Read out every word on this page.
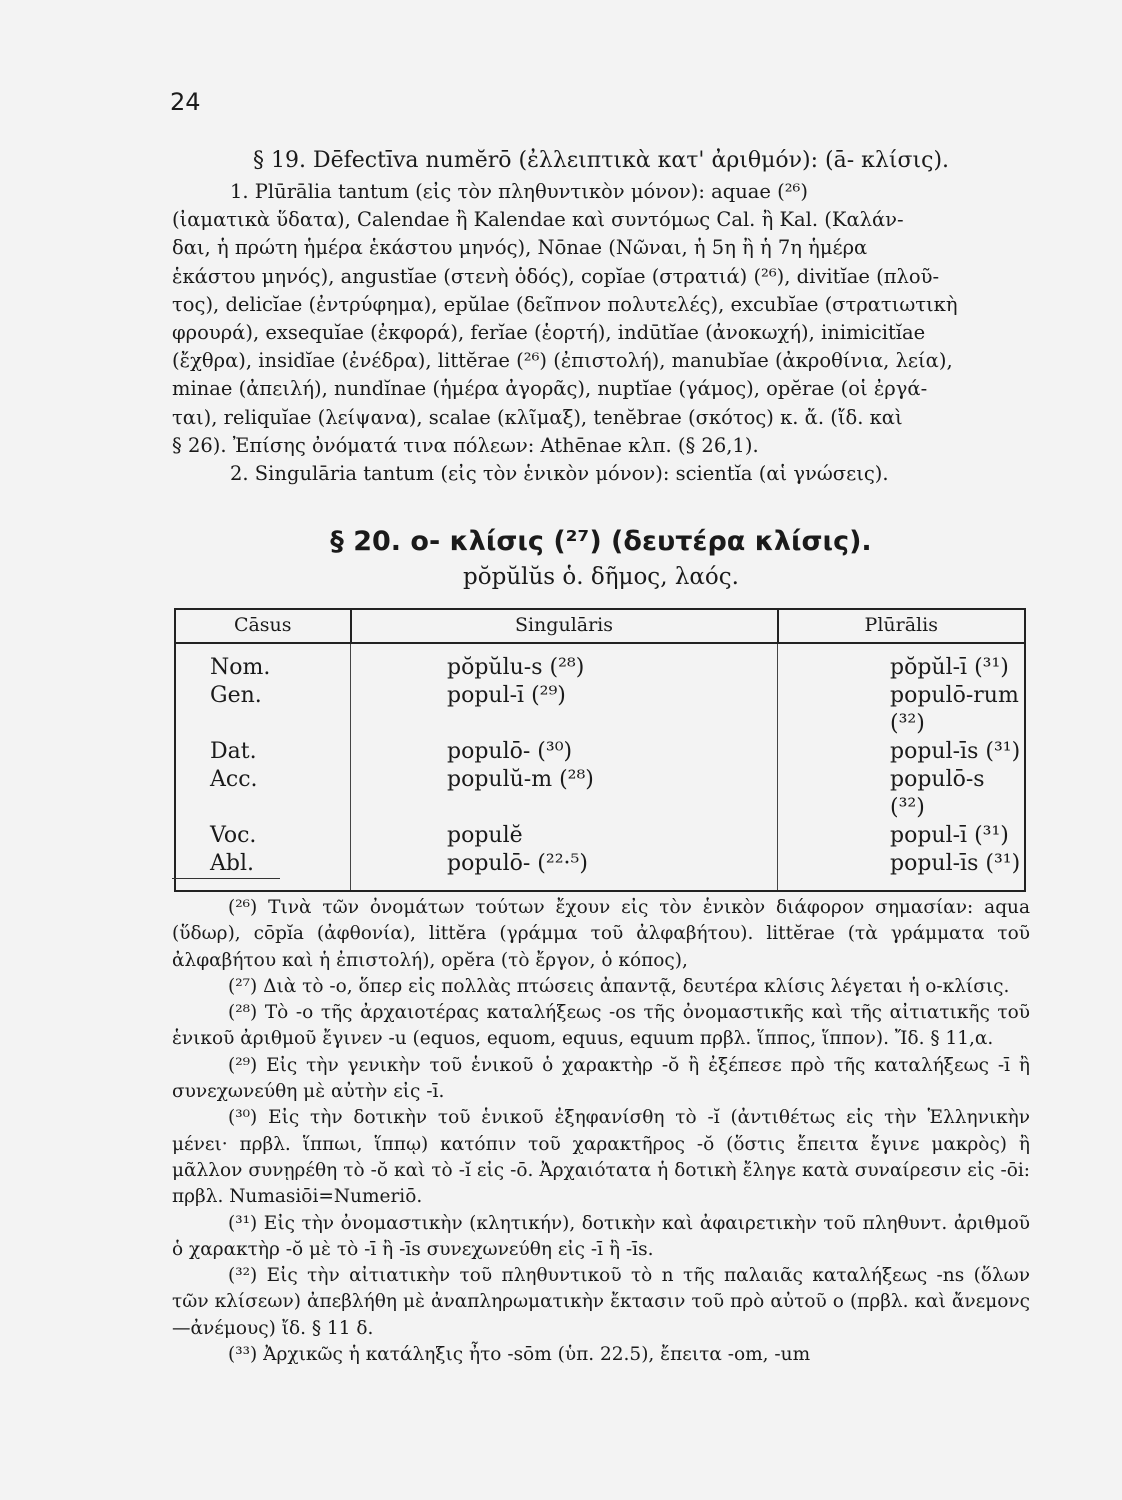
24

§ 19. Dēfectīva numĕrō (ἐλλειπτικὰ κατ' ἀριθμόν): (ā- κλίσις).

1. Plūrālia tantum (εἰς τὸν πληθυντικὸν μόνον): aquae (²⁶)

(ἰαματικὰ ὕδατα), Calendae ἢ Kalendae καὶ συντόμως Cal. ἢ Kal. (Καλάν-

δαι, ἡ πρώτη ἡμέρα ἑκάστου μηνός), Nōnae (Νῶναι, ἡ 5η ἢ ἡ 7η ἡμέρα

ἑκάστου μηνός), angustĭae (στενὴ ὁδός), copĭae (στρατιά) (²⁶), divitĭae (πλοῦ-

τος), delicĭae (ἐντρύφημα), epŭlae (δεῖπνον πολυτελές), excubĭae (στρατιωτικὴ

φρουρά), exsequĭae (ἐκφορά), ferĭae (ἑορτή), indūtĭae (ἀνοκωχή), inimicitĭae

(ἔχθρα), insidĭae (ἐνέδρα), littĕrae (²⁶) (ἐπιστολή), manubĭae (ἀκροθίνια, λεία),

minae (ἀπειλή), nundĭnae (ἡμέρα ἀγορᾶς), nuptĭae (γάμος), opĕrae (οἱ ἐργά-

ται), reliquĭae (λείψανα), scalae (κλῖμαξ), tenĕbrae (σκότος) κ. ἄ. (ἴδ. καὶ

§ 26). Ἐπίσης ὀνόματά τινα πόλεων: Athēnae κλπ. (§ 26,1).

2. Singulāria tantum (εἰς τὸν ἑνικὸν μόνον): scientĭa (αἱ γνώσεις).

§ 20. o- κλίσις (²⁷) (δευτέρα κλίσις).

pŏpŭlŭs ὁ. δῆμος, λαός.

Cāsus	Singulāris	Plūrālis
Nom.	pŏpŭlu-s (²⁸)	pŏpŭl-ī (³¹)
Gen.	popul-ī (²⁹)	populō-rum (³²)
Dat.	populō- (³⁰)	popul-īs (³¹)
Acc.	populŭ-m (²⁸)	populō-s (³²)
Voc.	populĕ	popul-ī (³¹)
Abl.	populō- (²²·⁵)	popul-īs (³¹)

(²⁶) Τινὰ τῶν ὀνομάτων τούτων ἔχουν εἰς τὸν ἑνικὸν διάφορον σημασίαν: aqua (ὕδωρ), cōpĭa (ἀφθονία), littĕra (γράμμα τοῦ ἀλφαβήτου). littĕrae (τὰ γράμματα τοῦ ἀλφαβήτου καὶ ἡ ἐπιστολή), opĕra (τὸ ἔργον, ὁ κόπος),

(²⁷) Διὰ τὸ -o, ὅπερ εἰς πολλὰς πτώσεις ἀπαντᾷ, δευτέρα κλίσις λέγεται ἡ o-κλίσις.

(²⁸) Τὸ -o τῆς ἀρχαιοτέρας καταλήξεως -os τῆς ὀνομαστικῆς καὶ τῆς αἰτιατικῆς τοῦ ἑνικοῦ ἀριθμοῦ ἔγινεν -u (equos, equom, equus, equum πρβλ. ἵππος, ἵππον). Ἴδ. § 11,α.

(²⁹) Εἰς τὴν γενικὴν τοῦ ἑνικοῦ ὁ χαρακτὴρ -ŏ ἢ ἐξέπεσε πρὸ τῆς καταλήξεως -ī ἢ συνεχωνεύθη μὲ αὐτὴν εἰς -ī.

(³⁰) Εἰς τὴν δοτικὴν τοῦ ἑνικοῦ ἐξηφανίσθη τὸ -ĭ (ἀντιθέτως εἰς τὴν Ἑλληνικὴν μένει· πρβλ. ἵππωι, ἵππῳ) κατόπιν τοῦ χαρακτῆρος -ŏ (ὅστις ἔπειτα ἔγινε μακρὸς) ἢ μᾶλλον συνῃρέθη τὸ -ŏ καὶ τὸ -ĭ εἰς -ō. Ἀρχαιότατα ἡ δοτικὴ ἔληγε κατὰ συναίρεσιν εἰς -ōi: πρβλ. Numasiōi=Numeriō.

(³¹) Εἰς τὴν ὀνομαστικὴν (κλητικήν), δοτικὴν καὶ ἀφαιρετικὴν τοῦ πληθυντ. ἀριθμοῦ ὁ χαρακτὴρ -ŏ μὲ τὸ -ī ἢ -īs συνεχωνεύθη εἰς -ī ἢ -īs.

(³²) Εἰς τὴν αἰτιατικὴν τοῦ πληθυντικοῦ τὸ n τῆς παλαιᾶς καταλήξεως -ns (ὅλων τῶν κλίσεων) ἀπεβλήθη μὲ ἀναπληρωματικὴν ἔκτασιν τοῦ πρὸ αὐτοῦ o (πρβλ. καὶ ἄνεμονς—ἀνέμους) ἴδ. § 11 δ.

(³³) Ἀρχικῶς ἡ κατάληξις ἦτο -sōm (ὑπ. 22.5), ἔπειτα -om, -um
